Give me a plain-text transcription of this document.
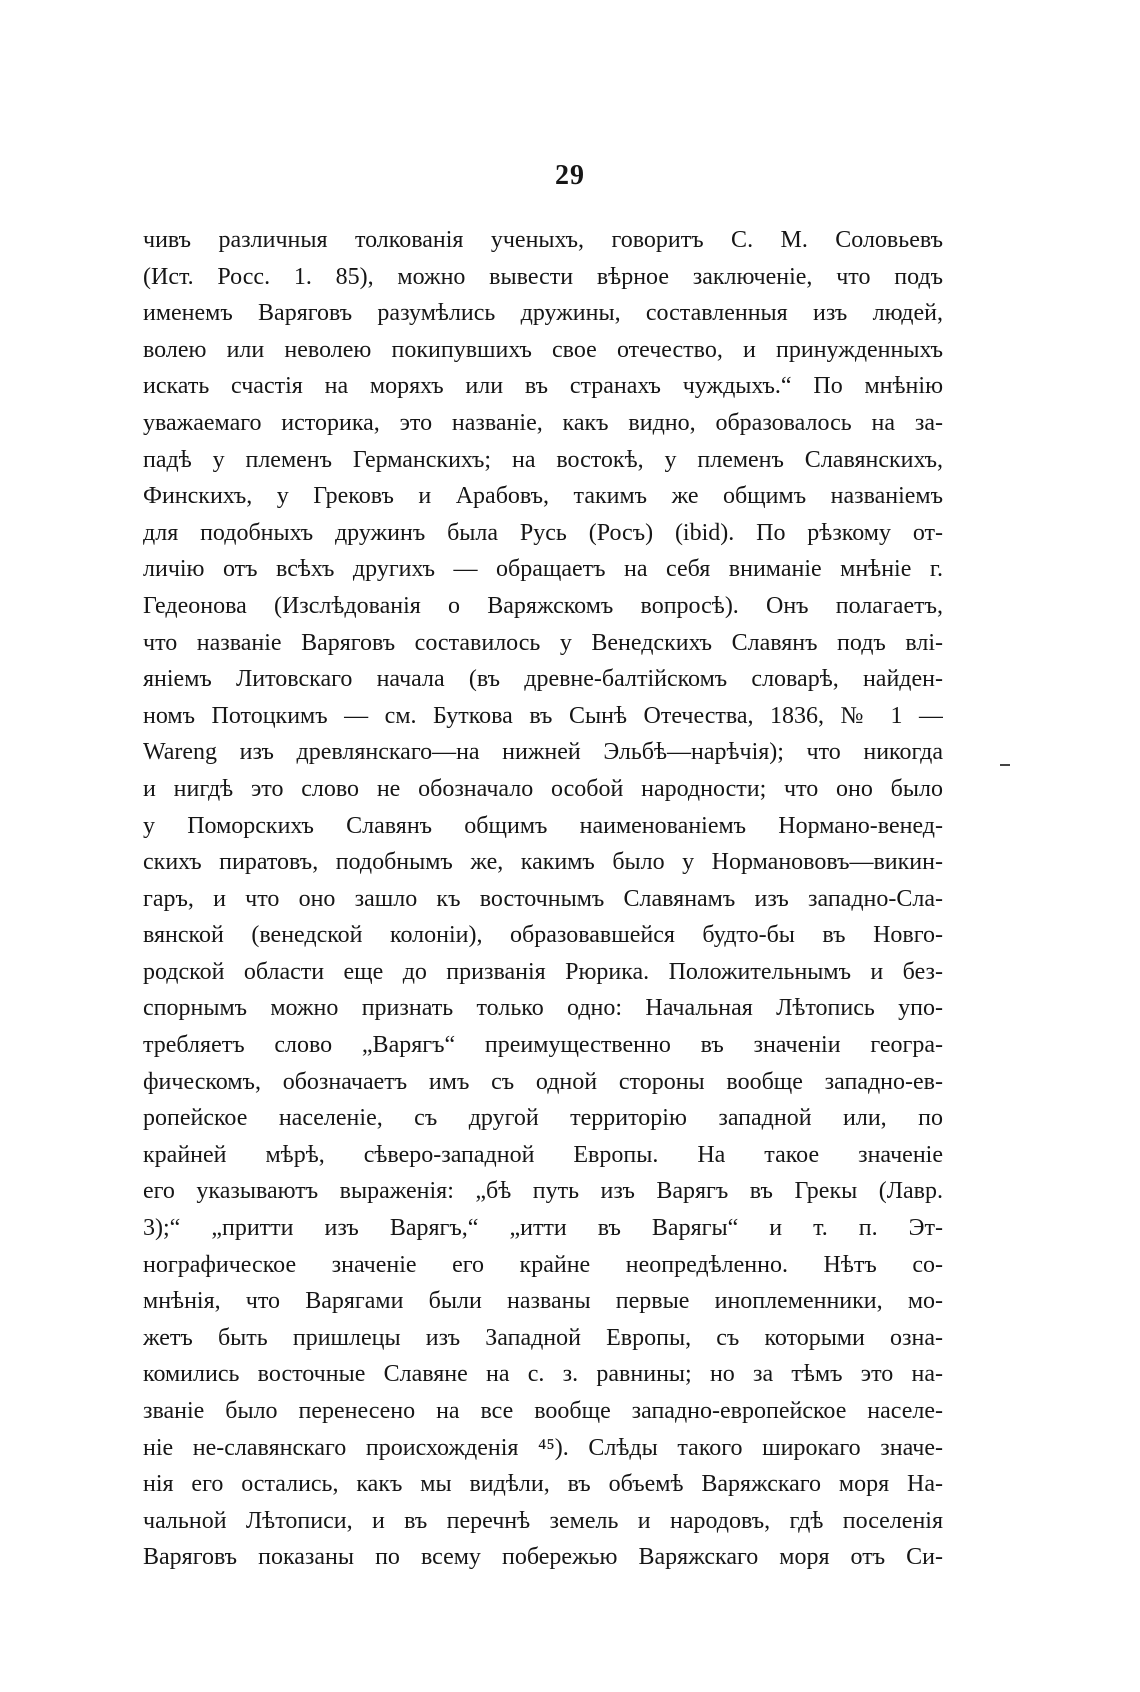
29
чивъ различныя толкованія ученыхъ, говоритъ С. М. Соловьевъ
(Ист. Росс. 1. 85), можно вывести вѣрное заключеніе, что подъ
именемъ Варяговъ разумѣлись дружины, составленныя изъ людей,
волею или неволею покипувшихъ свое отечество, и принужденныхъ
искать счастія на моряхъ или въ странахъ чуждыхъ.“ По мнѣнію
уважаемаго историка, это названіе, какъ видно, образовалось на за-
падѣ у племенъ Германскихъ; на востокѣ, у племенъ Славянскихъ,
Финскихъ, у Грековъ и Арабовъ, такимъ же общимъ названіемъ
для подобныхъ дружинъ была Русь (Росъ) (ibid). По рѣзкому от-
личію отъ всѣхъ другихъ — обращаетъ на себя вниманіе мнѣніе г.
Гедеонова (Изслѣдованія о Варяжскомъ вопросѣ). Онъ полагаетъ,
что названіе Варяговъ составилось у Венедскихъ Славянъ подъ влі-
яніемъ Литовскаго начала (въ древне-балтійскомъ словарѣ, найден-
номъ Потоцкимъ — см. Буткова въ Сынѣ Отечества, 1836, № 1 —
Wareng изъ древлянскаго—на нижней Эльбѣ—нарѣчія); что никогда
и нигдѣ это слово не обозначало особой народности; что оно было
у Поморскихъ Славянъ общимъ наименованіемъ Нормано-венед-
скихъ пиратовъ, подобнымъ же, какимъ было у Норманововъ—викин-
гаръ, и что оно зашло къ восточнымъ Славянамъ изъ западно-Сла-
вянской (венедской колоніи), образовавшейся будто-бы въ Новго-
родской области еще до призванія Рюрика. Положительнымъ и без-
спорнымъ можно признать только одно: Начальная Лѣтопись упо-
требляетъ слово „Варягъ“ преимущественно въ значеніи геогра-
фическомъ, обозначаетъ имъ съ одной стороны вообще западно-ев-
ропейское населеніе, съ другой территорію западной или, по
крайней мѣрѣ, сѣверо-западной Европы. На такое значеніе
его указываютъ выраженія: „бѣ путь изъ Варягъ въ Грекы (Лавр.
3);“ „притти изъ Варягъ,“ „итти въ Варягы“ и т. п. Эт-
нографическое значеніе его крайне неопредѣленно. Нѣтъ со-
мнѣнія, что Варягами были названы первые иноплеменники, мо-
жетъ быть пришлецы изъ Западной Европы, съ которыми озна-
комились восточные Славяне на с. з. равнины; но за тѣмъ это на-
званіе было перенесено на все вообще западно-европейское населе-
ніе не-славянскаго происхожденія ⁴⁵). Слѣды такого широкаго значе-
нія его остались, какъ мы видѣли, въ объемѣ Варяжскаго моря На-
чальной Лѣтописи, и въ перечнѣ земель и народовъ, гдѣ поселенія
Варяговъ показаны по всему побережью Варяжскаго моря отъ Си-
